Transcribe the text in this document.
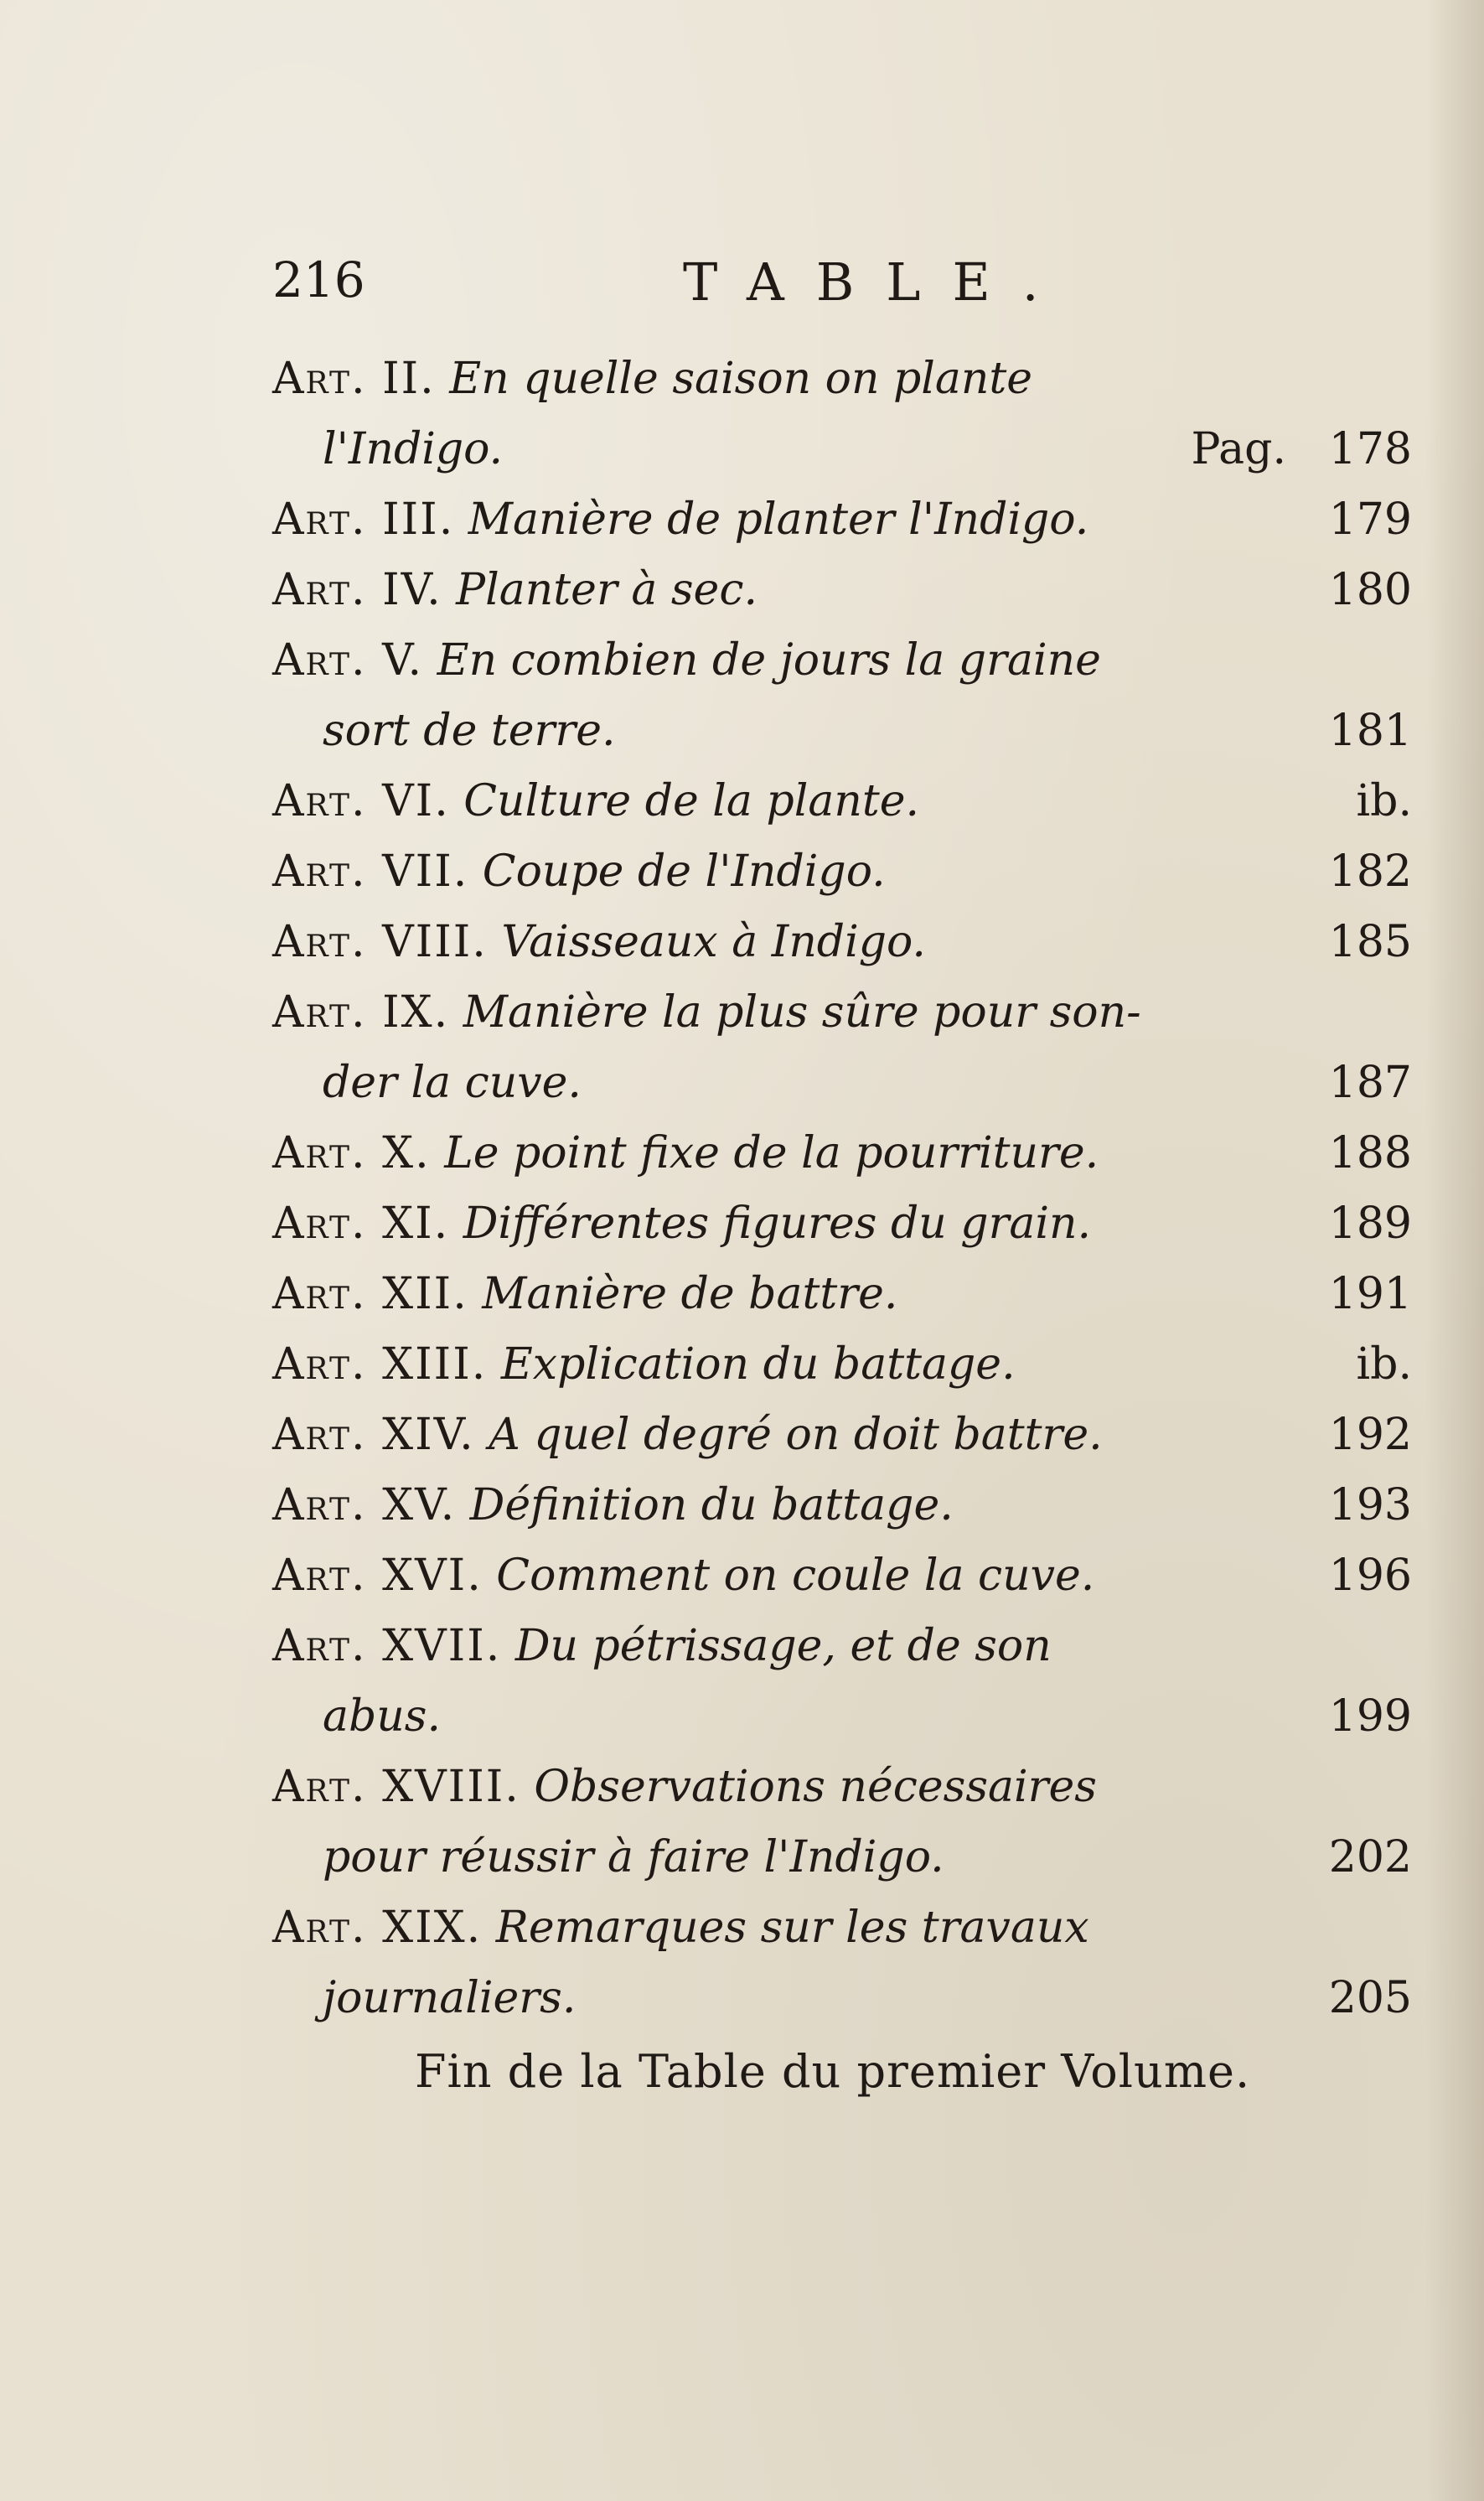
216	TABLE.
Art. II. En quelle saison on plante
l'Indigo.	Pag. 178
Art. III. Manière de planter l'Indigo.	179
Art. IV. Planter à sec.	180
Art. V. En combien de jours la graine
sort de terre.	181
Art. VI. Culture de la plante.	ib.
Art. VII. Coupe de l'Indigo.	182
Art. VIII. Vaisseaux à Indigo.	185
Art. IX. Manière la plus sûre pour son-
der la cuve.	187
Art. X. Le point fixe de la pourriture.	188
Art. XI. Différentes figures du grain.	189
Art. XII. Manière de battre.	191
Art. XIII. Explication du battage.	ib.
Art. XIV. A quel degré on doit battre.	192
Art. XV. Définition du battage.	193
Art. XVI. Comment on coule la cuve.	196
Art. XVII. Du pétrissage, et de son
abus.	199
Art. XVIII. Observations nécessaires
pour réussir à faire l'Indigo.	202
Art. XIX. Remarques sur les travaux
journaliers.	205
Fin de la Table du premier Volume.
